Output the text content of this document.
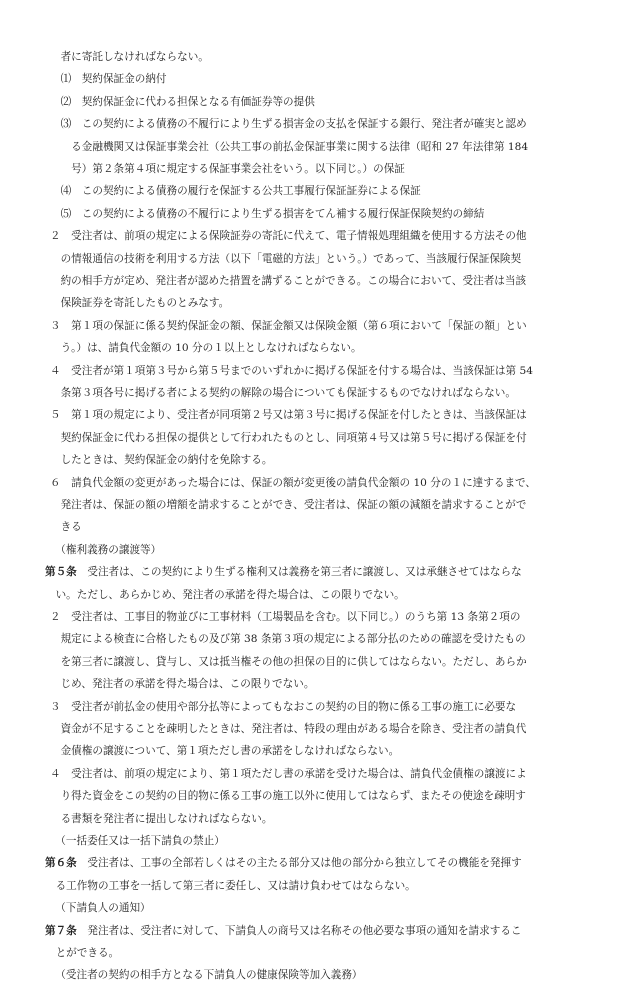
　者に寄託しなければならない。
　⑴　契約保証金の納付
　⑵　契約保証金に代わる担保となる有価証券等の提供
　⑶　この契約による債務の不履行により生ずる損害金の支払を保証する銀行、発注者が確実と認め
　　る金融機関又は保証事業会社（公共工事の前払金保証事業に関する法律（昭和 27 年法律第 184
　　号）第２条第４項に規定する保証事業会社をいう。以下同じ。）の保証
　⑷　この契約による債務の履行を保証する公共工事履行保証証券による保証
　⑸　この契約による債務の不履行により生ずる損害をてん補する履行保証保険契約の締結
２　受注者は、前項の規定による保険証券の寄託に代えて、電子情報処理組織を使用する方法その他
　の情報通信の技術を利用する方法（以下「電磁的方法」という。）であって、当該履行保証保険契
　約の相手方が定め、発注者が認めた措置を講ずることができる。この場合において、受注者は当該
　保険証券を寄託したものとみなす。
３　第１項の保証に係る契約保証金の額、保証金額又は保険金額（第６項において「保証の額」とい
　う。）は、請負代金額の 10 分の１以上としなければならない。
４　受注者が第１項第３号から第５号までのいずれかに掲げる保証を付する場合は、当該保証は第 54
　条第３項各号に掲げる者による契約の解除の場合についても保証するものでなければならない。
５　第１項の規定により、受注者が同項第２号又は第３号に掲げる保証を付したときは、当該保証は
　契約保証金に代わる担保の提供として行われたものとし、同項第４号又は第５号に掲げる保証を付
　したときは、契約保証金の納付を免除する。
６　請負代金額の変更があった場合には、保証の額が変更後の請負代金額の 10 分の１に達するまで、
　発注者は、保証の額の増額を請求することができ、受注者は、保証の額の減額を請求することがで
　きる
　（権利義務の譲渡等）
第５条　受注者は、この契約により生ずる権利又は義務を第三者に譲渡し、又は承継させてはならな
　い。ただし、あらかじめ、発注者の承諾を得た場合は、この限りでない。
２　受注者は、工事目的物並びに工事材料（工場製品を含む。以下同じ。）のうち第 13 条第２項の
　規定による検査に合格したもの及び第 38 条第３項の規定による部分払のための確認を受けたもの
　を第三者に譲渡し、貸与し、又は抵当権その他の担保の目的に供してはならない。ただし、あらか
　じめ、発注者の承諾を得た場合は、この限りでない。
３　受注者が前払金の使用や部分払等によってもなおこの契約の目的物に係る工事の施工に必要な
　資金が不足することを疎明したときは、発注者は、特段の理由がある場合を除き、受注者の請負代
　金債権の譲渡について、第１項ただし書の承諾をしなければならない。
４　受注者は、前項の規定により、第１項ただし書の承諾を受けた場合は、請負代金債権の譲渡によ
　り得た資金をこの契約の目的物に係る工事の施工以外に使用してはならず、またその使途を疎明す
　る書類を発注者に提出しなければならない。
　（一括委任又は一括下請負の禁止）
第６条　受注者は、工事の全部若しくはその主たる部分又は他の部分から独立してその機能を発揮す
　る工作物の工事を一括して第三者に委任し、又は請け負わせてはならない。
　（下請負人の通知）
第７条　発注者は、受注者に対して、下請負人の商号又は名称その他必要な事項の通知を請求するこ
　とができる。
　（受注者の契約の相手方となる下請負人の健康保険等加入義務）
